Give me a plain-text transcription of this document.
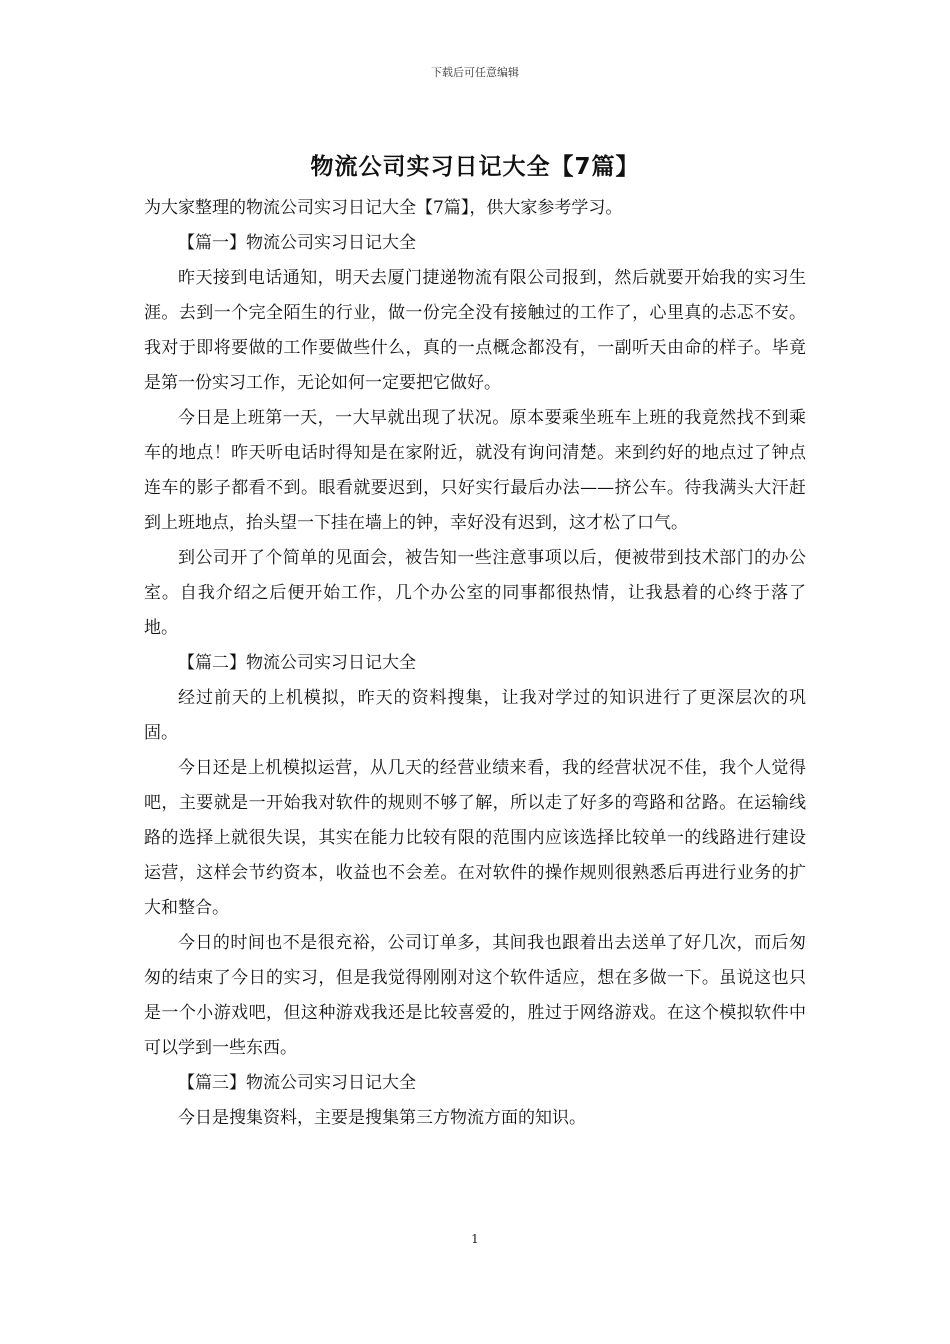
下载后可任意编辑
物流公司实习日记大全【7篇】

为大家整理的物流公司实习日记大全【7篇】，供大家参考学习。

【篇一】物流公司实习日记大全

昨天接到电话通知，明天去厦门捷递物流有限公司报到，然后就要开始我的实习生涯。去到一个完全陌生的行业，做一份完全没有接触过的工作了，心里真的忐忑不安。我对于即将要做的工作要做些什么，真的一点概念都没有，一副听天由命的样子。毕竟是第一份实习工作，无论如何一定要把它做好。

今日是上班第一天，一大早就出现了状况。原本要乘坐班车上班的我竟然找不到乘车的地点！昨天听电话时得知是在家附近，就没有询问清楚。来到约好的地点过了钟点连车的影子都看不到。眼看就要迟到，只好实行最后办法——挤公车。待我满头大汗赶到上班地点，抬头望一下挂在墙上的钟，幸好没有迟到，这才松了口气。

到公司开了个简单的见面会，被告知一些注意事项以后，便被带到技术部门的办公室。自我介绍之后便开始工作，几个办公室的同事都很热情，让我悬着的心终于落了地。

【篇二】物流公司实习日记大全

经过前天的上机模拟，昨天的资料搜集，让我对学过的知识进行了更深层次的巩固。

今日还是上机模拟运营，从几天的经营业绩来看，我的经营状况不佳，我个人觉得吧，主要就是一开始我对软件的规则不够了解，所以走了好多的弯路和岔路。在运输线路的选择上就很失误，其实在能力比较有限的范围内应该选择比较单一的线路进行建设运营，这样会节约资本，收益也不会差。在对软件的操作规则很熟悉后再进行业务的扩大和整合。

今日的时间也不是很充裕，公司订单多，其间我也跟着出去送单了好几次，而后匆匆的结束了今日的实习，但是我觉得刚刚对这个软件适应，想在多做一下。虽说这也只是一个小游戏吧，但这种游戏我还是比较喜爱的，胜过于网络游戏。在这个模拟软件中可以学到一些东西。

【篇三】物流公司实习日记大全

今日是搜集资料，主要是搜集第三方物流方面的知识。

1
